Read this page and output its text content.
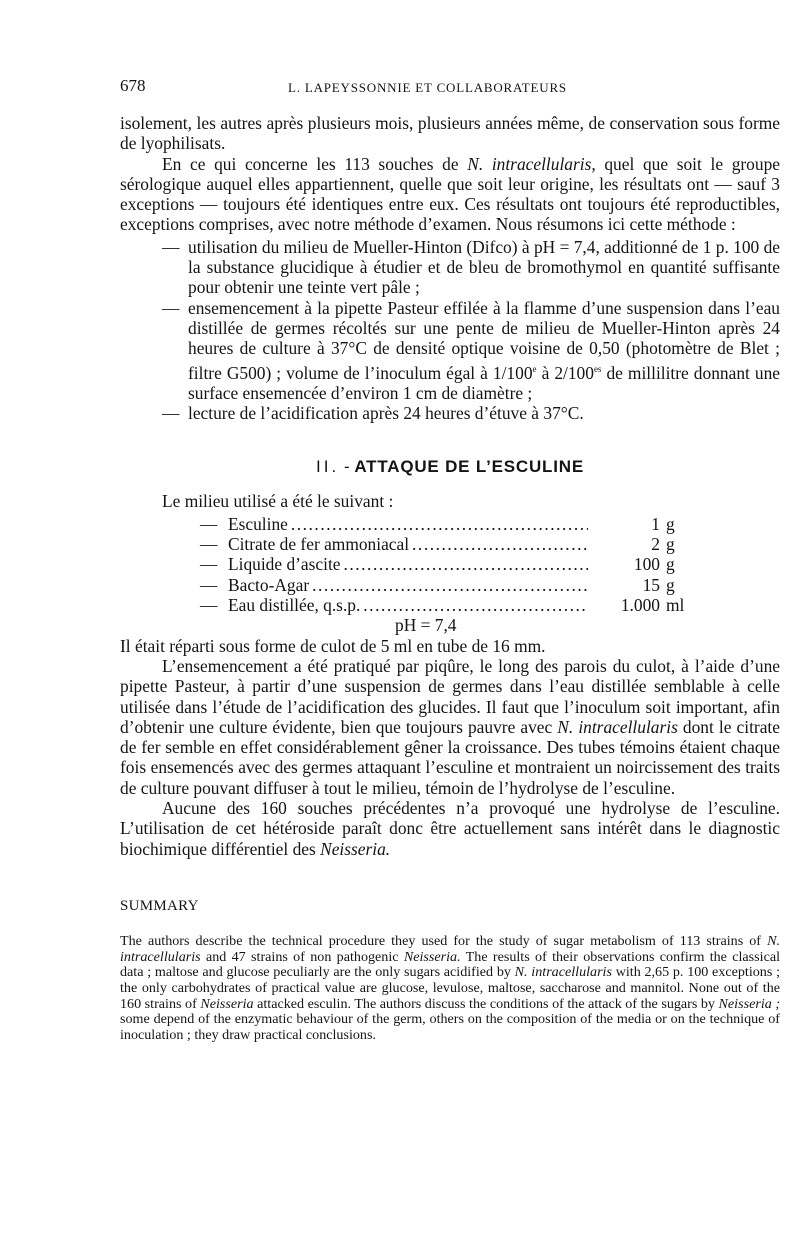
678	L. LAPEYSSONNIE ET COLLABORATEURS

isolement, les autres après plusieurs mois, plusieurs années même, de conservation sous forme de lyophilisats.

En ce qui concerne les 113 souches de N. intracellularis, quel que soit le groupe sérologique auquel elles appartiennent, quelle que soit leur origine, les résultats ont — sauf 3 exceptions — toujours été identiques entre eux. Ces résultats ont toujours été reproductibles, exceptions comprises, avec notre méthode d’examen. Nous résumons ici cette méthode :

— utilisation du milieu de Mueller-Hinton (Difco) à pH = 7,4, additionné de 1 p. 100 de la substance glucidique à étudier et de bleu de bromothymol en quantité suffisante pour obtenir une teinte vert pâle ;
— ensemencement à la pipette Pasteur effilée à la flamme d’une suspension dans l’eau distillée de germes récoltés sur une pente de milieu de Mueller-Hinton après 24 heures de culture à 37°C de densité optique voisine de 0,50 (photomètre de Blet ; filtre G500) ; volume de l’inoculum égal à 1/100e à $2/100^{es}$ de millilitre donnant une surface ensemencée d’environ 1 cm de diamètre ;
— lecture de l’acidification après 24 heures d’étuve à 37°C.
II. - ATTAQUE DE L’ESCULINE

Le milieu utilisé a été le suivant :

— Esculine . . .	1 g
— Citrate de fer ammoniacal . . .	2 g
— Liquide d’ascite . . .	100 g
— Bacto-Agar . . .	15 g
— Eau distillée, q.s.p. . . .	1.000 ml

pH = 7,4

Il était réparti sous forme de culot de 5 ml en tube de 16 mm.

L’ensemencement a été pratiqué par piqûre, le long des parois du culot, à l’aide d’une pipette Pasteur, à partir d’une suspension de germes dans l’eau distillée semblable à celle utilisée dans l’étude de l’acidification des glucides. Il faut que l’inoculum soit important, afin d’obtenir une culture évidente, bien que toujours pauvre avec N. intracellularis dont le citrate de fer semble en effet considérablement gêner la croissance. Des tubes témoins étaient chaque fois ensemencés avec des germes attaquant l’esculine et montraient un noircissement des traits de culture pouvant diffuser à tout le milieu, témoin de l’hydrolyse de l’esculine.

Aucune des 160 souches précédentes n’a provoqué une hydrolyse de l’esculine. L’utilisation de cet hétéroside paraît donc être actuellement sans intérêt dans le diagnostic biochimique différentiel des Neisseria.

SUMMARY

The authors describe the technical procedure they used for the study of sugar metabolism of 113 strains of N. intracellularis and 47 strains of non pathogenic Neisseria. The results of their observations confirm the classical data ; maltose and glucose peculiarly are the only sugars acidified by N. intracellularis with 2,65 p. 100 exceptions ; the only carbohydrates of practical value are glucose, levulose, maltose, saccharose and mannitol. None out of the 160 strains of Neisseria attacked esculin. The authors discuss the conditions of the attack of the sugars by Neisseria ; some depend of the enzymatic behaviour of the germ, others on the composition of the media or on the technique of inoculation ; they draw practical conclusions.
